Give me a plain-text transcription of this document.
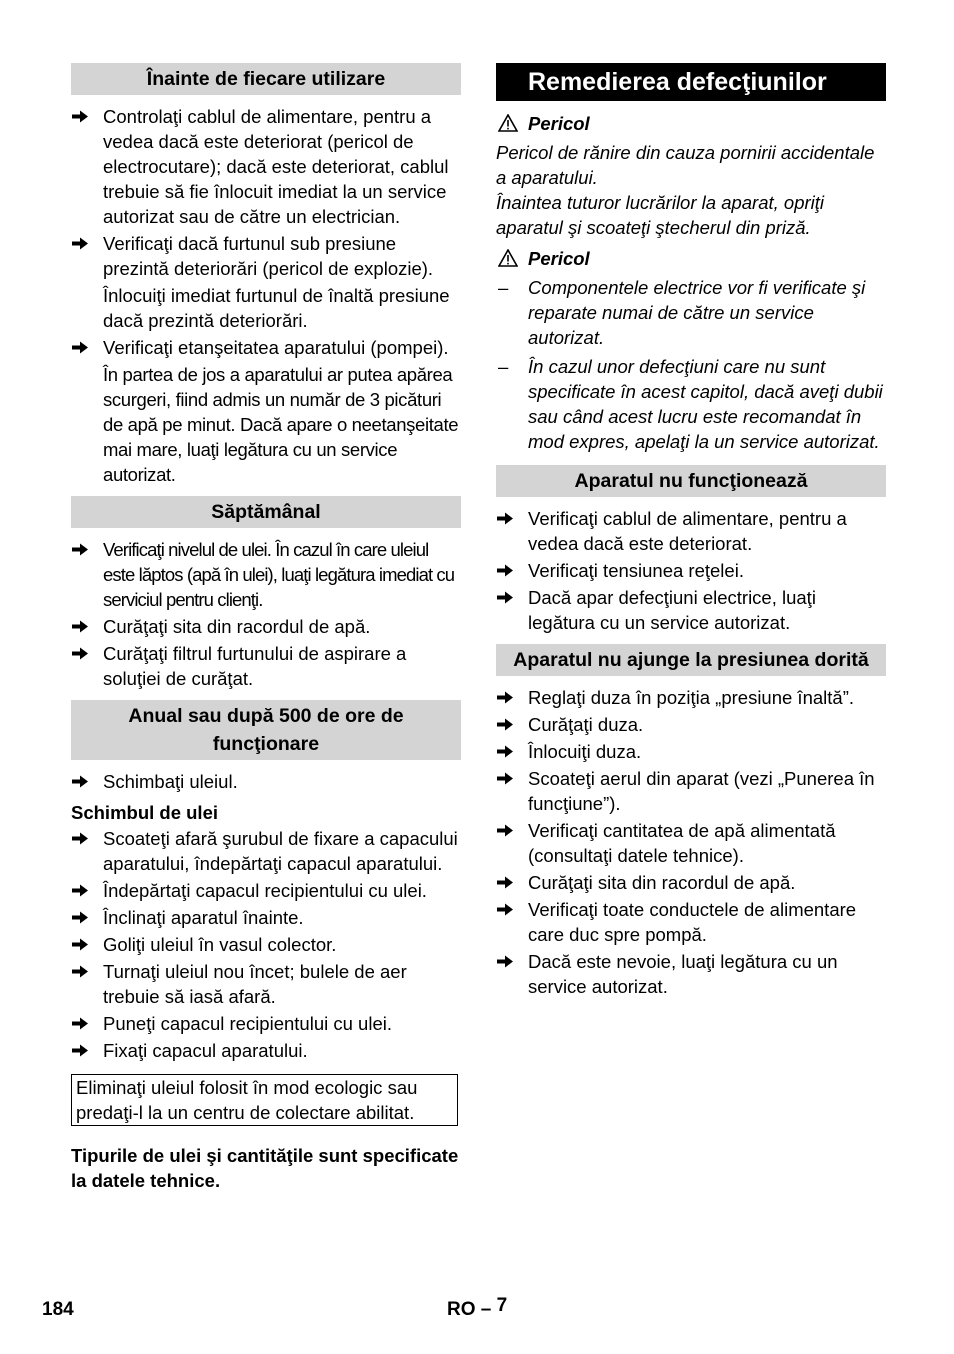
Înainte de fiecare utilizare
Controlaţi cablul de alimentare, pentru a vedea dacă este deteriorat (pericol de electrocutare); dacă este deteriorat, cablul trebuie să fie înlocuit imediat la un service autorizat sau de către un electrician.
Verificaţi dacă furtunul sub presiune prezintă deteriorări (pericol de explozie).
Înlocuiţi imediat furtunul de înaltă presiune dacă prezintă deteriorări.
Verificaţi etanşeitatea aparatului (pompei).
În partea de jos a aparatului ar putea apărea scurgeri, fiind admis un număr de 3 picături de apă pe minut. Dacă apare o neetanşeitate mai mare, luaţi legătura cu un service autorizat.
Săptămânal
Verificaţi nivelul de ulei. În cazul în care uleiul este lăptos (apă în ulei), luaţi legătura imediat cu serviciul pentru clienţi.
Curăţaţi sita din racordul de apă.
Curăţaţi filtrul furtunului de aspirare a soluţiei de curăţat.
Anual sau după 500 de ore de funcţionare
Schimbaţi uleiul.
Schimbul de ulei
Scoateţi afară şurubul de fixare a capacului aparatului, îndepărtaţi capacul aparatului.
Îndepărtaţi capacul recipientului cu ulei.
Înclinaţi aparatul înainte.
Goliţi uleiul în vasul colector.
Turnaţi uleiul nou încet; bulele de aer trebuie să iasă afară.
Puneţi capacul recipientului cu ulei.
Fixaţi capacul aparatului.
Eliminaţi uleiul folosit în mod ecologic sau predaţi-l la un centru de colectare abilitat.
Tipurile de ulei şi cantităţile sunt specificate la datele tehnice.
Remedierea defecţiunilor
Pericol
Pericol de rănire din cauza pornirii accidentale a aparatului.
Înaintea tuturor lucrărilor la aparat, opriţi aparatul şi scoateţi ştecherul din priză.
Pericol
– Componentele electrice vor fi verificate şi reparate numai de către un service autorizat.
– În cazul unor defecţiuni care nu sunt specificate în acest capitol, dacă aveţi dubii sau când acest lucru este recomandat în mod expres, apelaţi la un service autorizat.
Aparatul nu funcţionează
Verificaţi cablul de alimentare, pentru a vedea dacă este deteriorat.
Verificaţi tensiunea reţelei.
Dacă apar defecţiuni electrice, luaţi legătura cu un service autorizat.
Aparatul nu ajunge la presiunea dorită
Reglaţi duza în poziţia „presiune înaltă”.
Curăţaţi duza.
Înlocuiţi duza.
Scoateţi aerul din aparat (vezi „Punerea în funcţiune”).
Verificaţi cantitatea de apă alimentată (consultaţi datele tehnice).
Curăţaţi sita din racordul de apă.
Verificaţi toate conductele de alimentare care duc spre pompă.
Dacă este nevoie, luaţi legătura cu un service autorizat.
184	RO – 7
